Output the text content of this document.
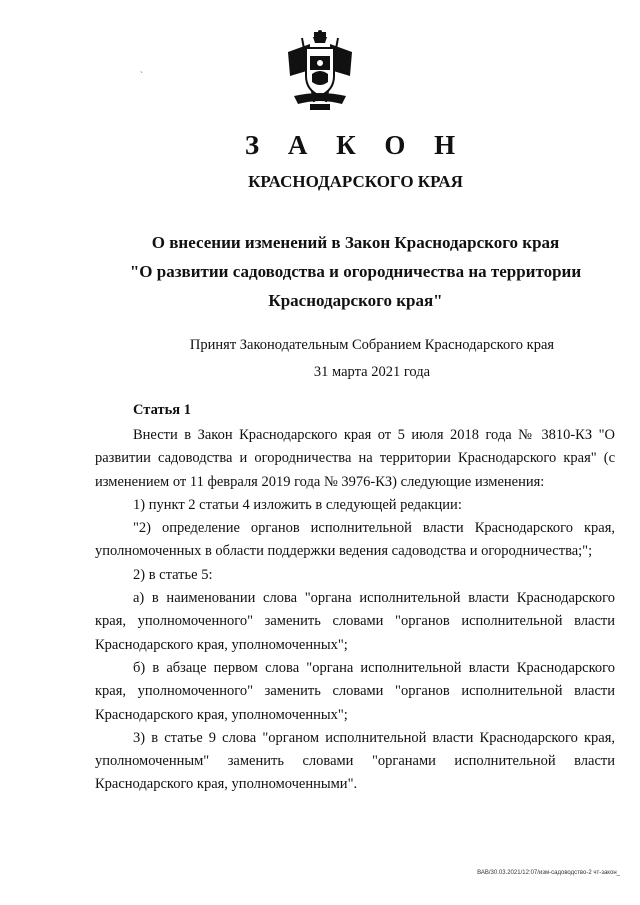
`
З А К О Н
КРАСНОДАРСКОГО КРАЯ
О внесении изменений в Закон Краснодарского края
"О развитии садоводства и огородничества на территории
Краснодарского края"
Принят Законодательным Собранием Краснодарского края
31 марта 2021 года
Статья 1

Внести в Закон Краснодарского края от 5 июля 2018 года № 3810-КЗ "О развитии садоводства и огородничества на территории Краснодарского края" (с изменением от 11 февраля 2019 года № 3976-КЗ) следующие изменения:

1) пункт 2 статьи 4 изложить в следующей редакции:

"2) определение органов исполнительной власти Краснодарского края, уполномоченных в области поддержки ведения садоводства и огородничества;";

2) в статье 5:

а) в наименовании слова "органа исполнительной власти Краснодарского края, уполномоченного" заменить словами "органов исполнительной власти Краснодарского края, уполномоченных";

б) в абзаце первом слова "органа исполнительной власти Краснодарского края, уполномоченного" заменить словами "органов исполнительной власти Краснодарского края, уполномоченных";

3) в статье 9 слова "органом исполнительной власти Краснодарского края, уполномоченным" заменить словами "органами исполнительной власти Краснодарского края, уполномоченными".

ВАВ/30.03.2021/12:07/изм-садоводство-2 чт-закон_
